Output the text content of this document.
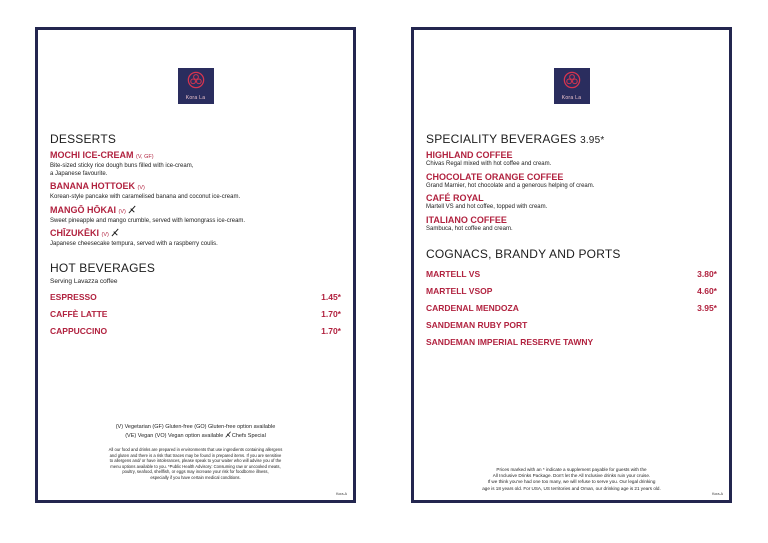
Kora La
DESSERTS
MOCHI ICE-CREAM (V, GF)
Bite-sized sticky rice dough buns filled with ice-cream,
a Japanese favourite.
BANANA HOTTOEK (V)
Korean-style pancake with caramelised banana and coconut ice-cream.
MANGŌ HŌKAI (V)
Sweet pineapple and mango crumble, served with lemongrass ice-cream.
CHĪZUKĒKI (V)
Japanese cheesecake tempura, served with a raspberry coulis.
HOT BEVERAGES
Serving Lavazza coffee
ESPRESSO	1.45*
CAFFÈ LATTE	1.70*
CAPPUCCINO	1.70*
(V) Vegetarian (GF) Gluten-free (GO) Gluten-free option available
(VE) Vegan (VO) Vegan option available Chefs Special
All our food and drinks are prepared in environments that use ingredients containing allergens
and gluten and there is a risk that traces may be found in prepared items. If you are sensitive
to allergens and/ or have intolerances, please speak to your waiter who will advise you of the
menu options available to you. *Public Health Advisory: Consuming raw or uncooked meats,
poultry, seafood, shellfish, or eggs may increase your risk for foodborne illness,
especially if you have certain medical conditions.
Kora-A
Kora La
SPECIALITY BEVERAGES 3.95*
HIGHLAND COFFEE
Chivas Regal mixed with hot coffee and cream.
CHOCOLATE ORANGE COFFEE
Grand Marnier, hot chocolate and a generous helping of cream.
CAFÉ ROYAL
Martell VS and hot coffee, topped with cream.
ITALIANO COFFEE
Sambuca, hot coffee and cream.
COGNACS, BRANDY AND PORTS
MARTELL VS	3.80*
MARTELL VSOP	4.60*
CARDENAL MENDOZA	3.95*
SANDEMAN RUBY PORT
SANDEMAN IMPERIAL RESERVE TAWNY
Prices marked with an * indicate a supplement payable for guests with the
All Inclusive Drinks Package. Don't let the All Inclusive drinks ruin your cruise.
If we think you've had one too many, we will refuse to serve you. Our legal drinking
age is 18 years old. For USA, US territories and Oman, our drinking age is 21 years old.
Kora-A
